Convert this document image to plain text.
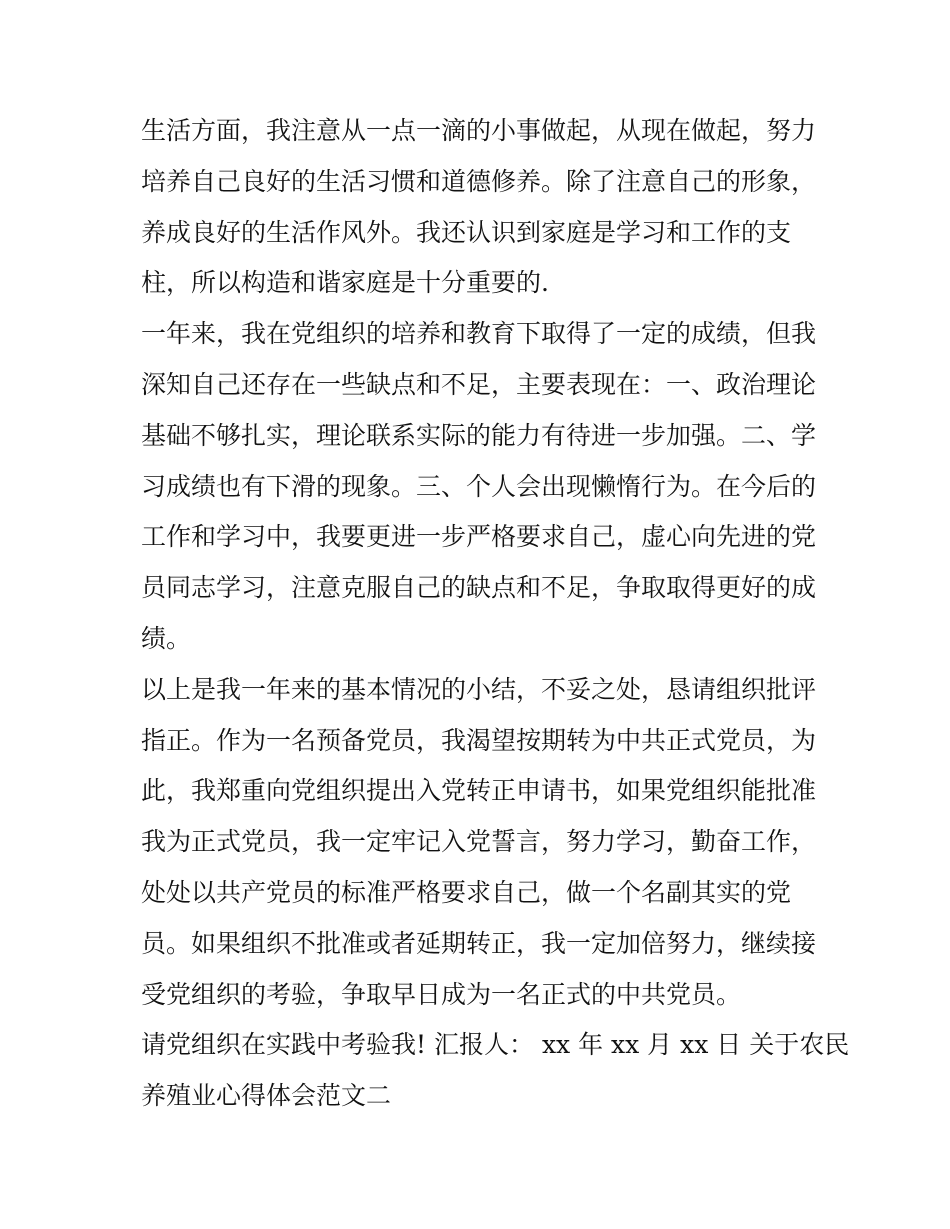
生活方面，我注意从一点一滴的小事做起，从现在做起，努力
培养自己良好的生活习惯和道德修养。除了注意自己的形象，
养成良好的生活作风外。我还认识到家庭是学习和工作的支
柱，所以构造和谐家庭是十分重要的.
一年来，我在党组织的培养和教育下取得了一定的成绩，但我
深知自己还存在一些缺点和不足，主要表现在：一、政治理论
基础不够扎实，理论联系实际的能力有待进一步加强。二、学
习成绩也有下滑的现象。三、个人会出现懒惰行为。在今后的
工作和学习中，我要更进一步严格要求自己，虚心向先进的党
员同志学习，注意克服自己的缺点和不足，争取取得更好的成
绩。
以上是我一年来的基本情况的小结，不妥之处，恳请组织批评
指正。作为一名预备党员，我渴望按期转为中共正式党员，为
此，我郑重向党组织提出入党转正申请书，如果党组织能批准
我为正式党员，我一定牢记入党誓言，努力学习，勤奋工作，
处处以共产党员的标准严格要求自己，做一个名副其实的党
员。如果组织不批准或者延期转正，我一定加倍努力，继续接
受党组织的考验，争取早日成为一名正式的中共党员。
请党组织在实践中考验我! 汇报人： xx 年 xx 月 xx 日 关于农民
养殖业心得体会范文二
